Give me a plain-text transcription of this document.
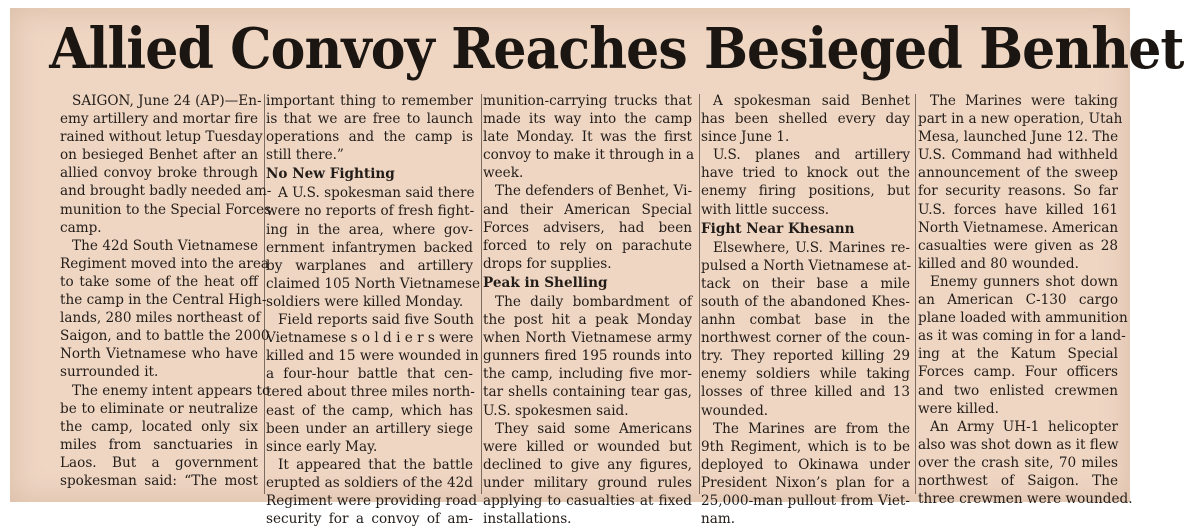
Allied Convoy Reaches Besieged Benhet
SAIGON, June 24 (AP)—En-
emy artillery and mortar fire
rained without letup Tuesday
on besieged Benhet after an
allied convoy broke through
and brought badly needed am-
munition to the Special Forces
camp.
The 42d South Vietnamese
Regiment moved into the area
to take some of the heat off
the camp in the Central High-
lands, 280 miles northeast of
Saigon, and to battle the 2000
North Vietnamese who have
surrounded it.
The enemy intent appears to
be to eliminate or neutralize
the camp, located only six
miles from sanctuaries in
Laos. But a government
spokesman said: “The most
important thing to remember
is that we are free to launch
operations and the camp is
still there.”
No New Fighting
A U.S. spokesman said there
were no reports of fresh fight-
ing in the area, where gov-
ernment infantrymen backed
by warplanes and artillery
claimed 105 North Vietnamese
soldiers were killed Monday.
Field reports said five South
Vietnamese s o l d i e r s were
killed and 15 were wounded in
a four-hour battle that cen-
tered about three miles north-
east of the camp, which has
been under an artillery siege
since early May.
It appeared that the battle
erupted as soldiers of the 42d
Regiment were providing road
security for a convoy of am-
munition-carrying trucks that
made its way into the camp
late Monday. It was the first
convoy to make it through in a
week.
The defenders of Benhet, Vi-
and their American Special
Forces advisers, had been
forced to rely on parachute
drops for supplies.
Peak in Shelling
The daily bombardment of
the post hit a peak Monday
when North Vietnamese army
gunners fired 195 rounds into
the camp, including five mor-
tar shells containing tear gas,
U.S. spokesmen said.
They said some Americans
were killed or wounded but
declined to give any figures,
under military ground rules
applying to casualties at fixed
installations.
A spokesman said Benhet
has been shelled every day
since June 1.
U.S. planes and artillery
have tried to knock out the
enemy firing positions, but
with little success.
Fight Near Khesann
Elsewhere, U.S. Marines re-
pulsed a North Vietnamese at-
tack on their base a mile
south of the abandoned Khes-
anhn combat base in the
northwest corner of the coun-
try. They reported killing 29
enemy soldiers while taking
losses of three killed and 13
wounded.
The Marines are from the
9th Regiment, which is to be
deployed to Okinawa under
President Nixon’s plan for a
25,000-man pullout from Viet-
nam.
The Marines were taking
part in a new operation, Utah
Mesa, launched June 12. The
U.S. Command had withheld
announcement of the sweep
for security reasons. So far
U.S. forces have killed 161
North Vietnamese. American
casualties were given as 28
killed and 80 wounded.
Enemy gunners shot down
an American C-130 cargo
plane loaded with ammunition
as it was coming in for a land-
ing at the Katum Special
Forces camp. Four officers
and two enlisted crewmen
were killed.
An Army UH-1 helicopter
also was shot down as it flew
over the crash site, 70 miles
northwest of Saigon. The
three crewmen were wounded.
